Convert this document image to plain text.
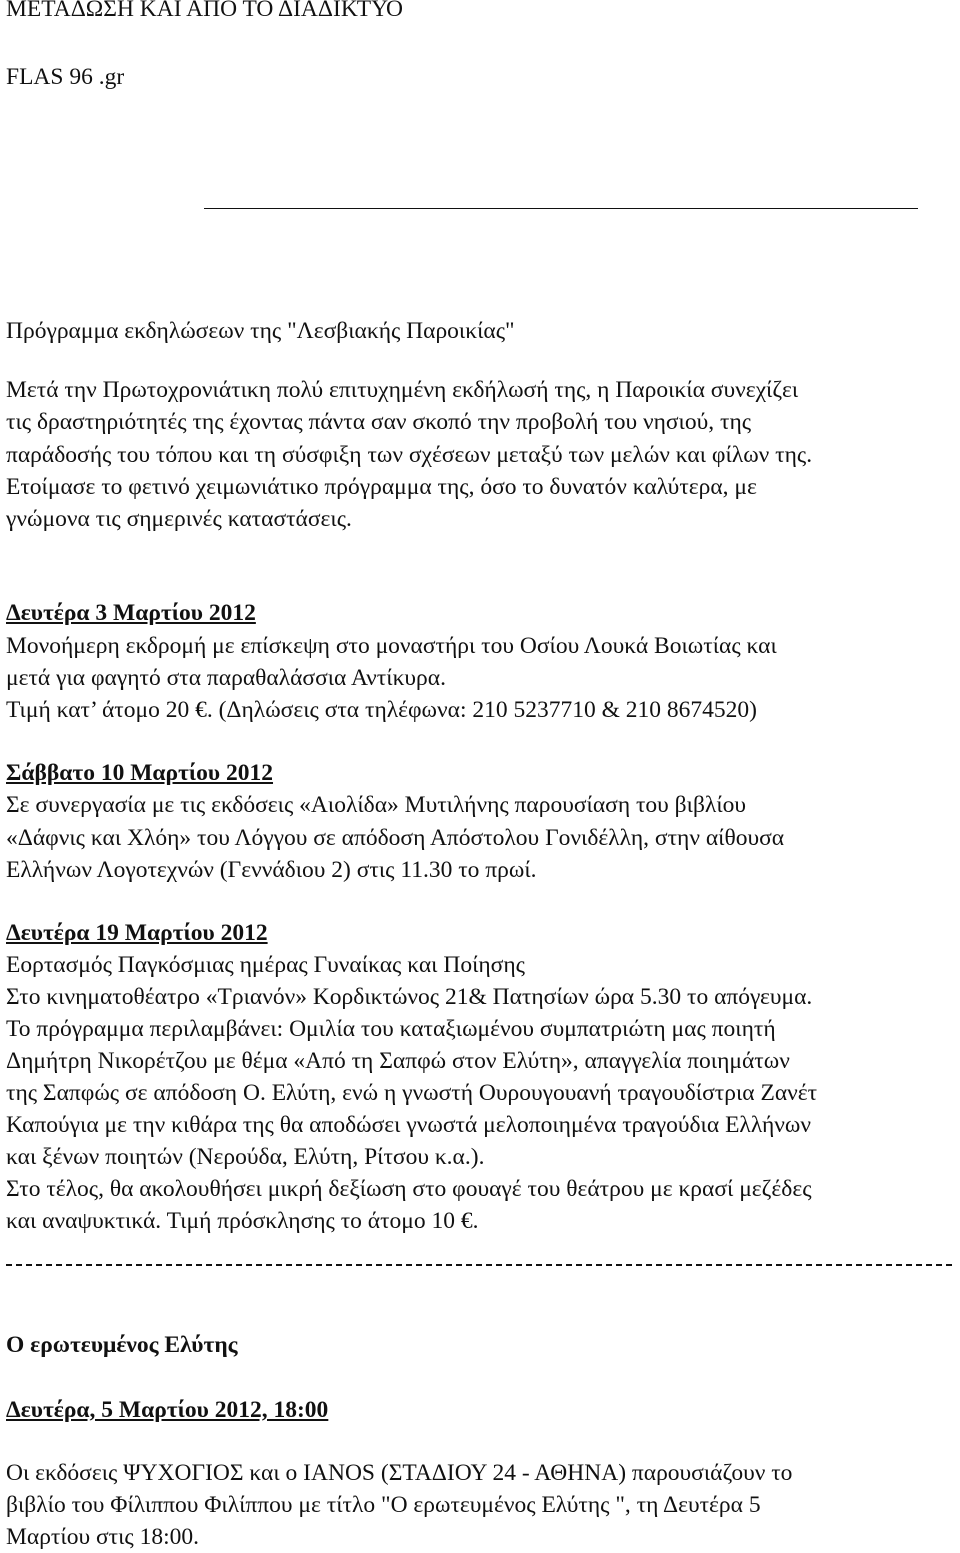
ΜΕΤΑΔΩΣΗ ΚΑΙ ΑΠΟ ΤΟ ΔΙΑΔΙΚΤΥΟ
FLAS 96 .gr
Πρόγραμμα εκδηλώσεων της "Λεσβιακής Παροικίας"
Μετά την Πρωτοχρονιάτικη πολύ επιτυχημένη εκδήλωσή της, η Παροικία συνεχίζει
τις δραστηριότητές της έχοντας πάντα σαν σκοπό την προβολή του νησιού, της
παράδοσής του τόπου και τη σύσφιξη των σχέσεων μεταξύ των μελών και φίλων της.
Ετοίμασε το φετινό χειμωνιάτικο πρόγραμμα της, όσο το δυνατόν καλύτερα, με
γνώμονα τις σημερινές καταστάσεις.
Δευτέρα 3 Μαρτίου 2012
Μονοήμερη εκδρομή με επίσκεψη στο μοναστήρι του Οσίου Λουκά Βοιωτίας και
μετά για φαγητό στα παραθαλάσσια Αντίκυρα.
Τιμή κατ’ άτομο 20 €. (Δηλώσεις στα τηλέφωνα: 210 5237710 & 210 8674520)
Σάββατο 10 Μαρτίου 2012
Σε συνεργασία με τις εκδόσεις «Αιολίδα» Μυτιλήνης παρουσίαση του βιβλίου
«Δάφνις και Χλόη» του Λόγγου σε απόδοση Απόστολου Γονιδέλλη, στην αίθουσα
Ελλήνων Λογοτεχνών (Γεννάδιου 2) στις 11.30 το πρωί.
Δευτέρα 19 Μαρτίου 2012
Εορτασμός Παγκόσμιας ημέρας Γυναίκας και Ποίησης
Στο κινηματοθέατρο «Τριανόν» Κορδικτώνος 21& Πατησίων ώρα 5.30 το απόγευμα.
Το πρόγραμμα περιλαμβάνει: Ομιλία του καταξιωμένου συμπατριώτη μας ποιητή
Δημήτρη Νικορέτζου με θέμα «Από τη Σαπφώ στον Ελύτη», απαγγελία ποιημάτων
της Σαπφώς σε απόδοση Ο. Ελύτη, ενώ η γνωστή Ουρουγουανή τραγουδίστρια Ζανέτ
Καπούγια με την κιθάρα της θα αποδώσει γνωστά μελοποιημένα τραγούδια Ελλήνων
και ξένων ποιητών (Νερούδα, Ελύτη, Ρίτσου κ.α.).
Στο τέλος, θα ακολουθήσει μικρή δεξίωση στο φουαγέ του θεάτρου με κρασί μεζέδες
και αναψυκτικά. Τιμή πρόσκλησης το άτομο 10 €.
Ο ερωτευμένος Ελύτης
Δευτέρα, 5 Μαρτίου 2012, 18:00
Οι εκδόσεις ΨΥΧΟΓΙΟΣ και ο ΙΑΝΟS (ΣΤΑΔΙΟΥ 24 - ΑΘΗΝΑ) παρουσιάζουν το
βιβλίο του Φίλιππου Φιλίππου με τίτλο "Ο ερωτευμένος Ελύτης ", τη Δευτέρα 5
Μαρτίου στις 18:00.
